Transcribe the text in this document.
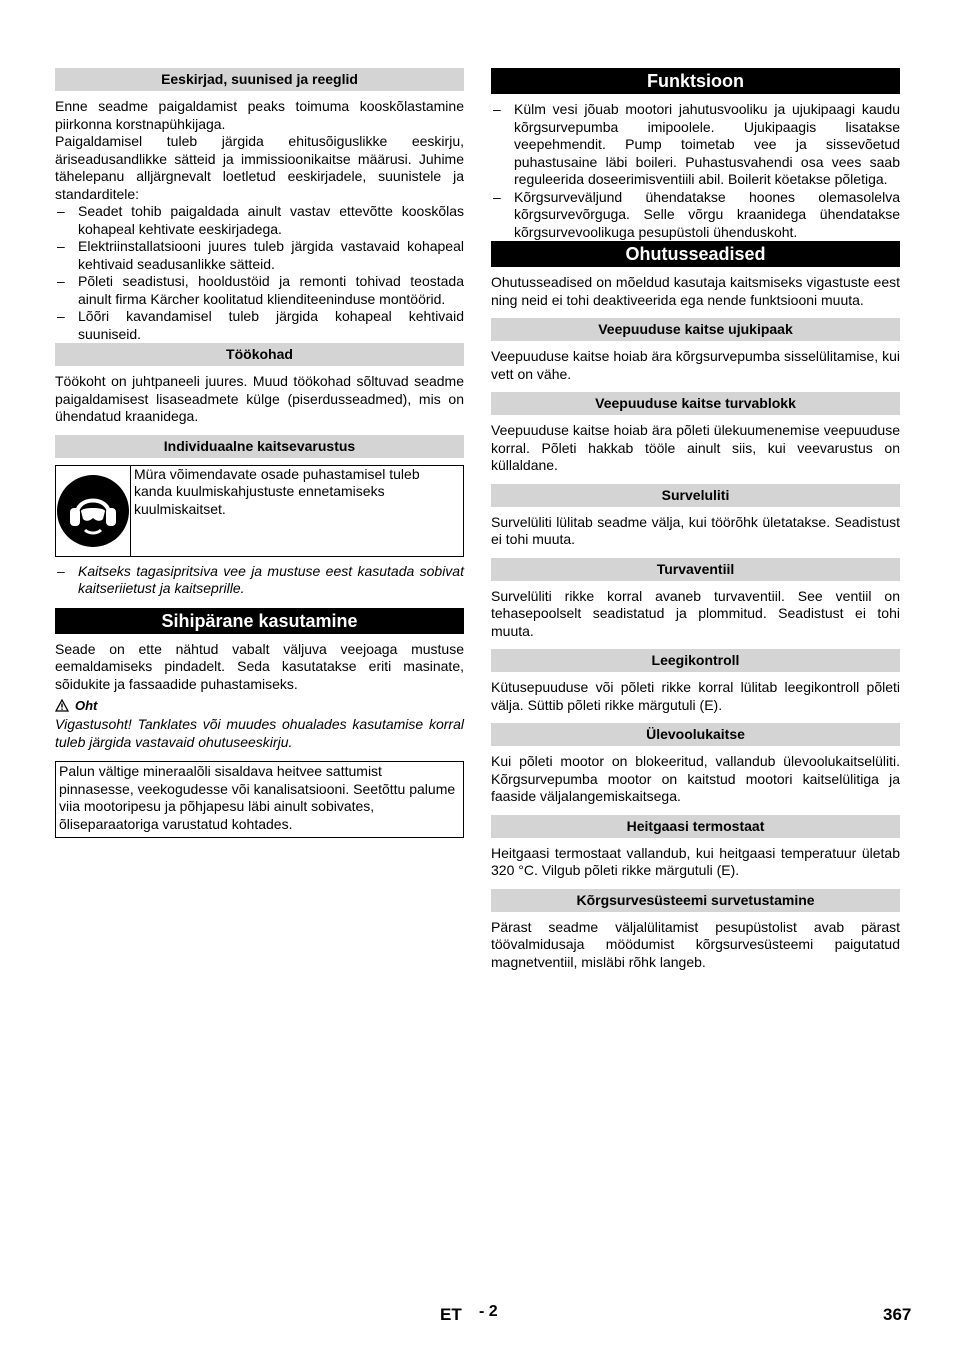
Eeskirjad, suunised ja reeglid

Enne seadme paigaldamist peaks toimuma kooskõlastamine piirkonna korstnapühkijaga.

Paigaldamisel tuleb järgida ehitusõiguslikke eeskirju, äriseadusandlikke sätteid ja immissioonikaitse määrusi. Juhime tähelepanu alljärgnevalt loetletud eeskirjadele, suunistele ja standarditele:

– Seadet tohib paigaldada ainult vastav ettevõtte kooskõlas kohapeal kehtivate eeskirjadega.
– Elektriinstallatsiooni juures tuleb järgida vastavaid kohapeal kehtivaid seadusanlikke sätteid.
– Põleti seadistusi, hooldustöid ja remonti tohivad teostada ainult firma Kärcher koolitatud klienditeeninduse montöörid.
– Lõõri kavandamisel tuleb järgida kohapeal kehtivaid suuniseid.
Töökohad

Töökoht on juhtpaneeli juures. Muud töökohad sõltuvad seadme paigaldamisest lisaseadmete külge (piserdusseadmed), mis on ühendatud kraanidega.

Individuaalne kaitsevarustus
Müra võimendavate osade puhastamisel tuleb kanda kuulmiskahjustuste ennetamiseks kuulmiskaitset.
– Kaitseks tagasipritsiva vee ja mustuse eest kasutada sobivat kaitseriietust ja kaitseprille.
Sihipärane kasutamine

Seade on ette nähtud vabalt väljuva veejoaga mustuse eemaldamiseks pindadelt. Seda kasutatakse eriti masinate, sõidukite ja fassaadide puhastamiseks.

Oht

Vigastusoht! Tanklates või muudes ohualades kasutamise korral tuleb järgida vastavaid ohutuseeskirju.

Palun vältige mineraalõli sisaldava heitvee sattumist pinnasesse, veekogudesse või kanalisatsiooni. Seetõttu palume viia mootoripesu ja põhjapesu läbi ainult sobivates, õliseparaatoriga varustatud kohtades.
Funktsioon
– Külm vesi jõuab mootori jahutusvooliku ja ujukipaagi kaudu kõrgsurvepumba imipoolele. Ujukipaagis lisatakse veepehmendit. Pump toimetab vee ja sissevõetud puhastusaine läbi boileri. Puhastusvahendi osa vees saab reguleerida doseerimisventiili abil. Boilerit köetakse põletiga.
– Kõrgsurveväljund ühendatakse hoones olemasolelva kõrgsurvevõrguga. Selle võrgu kraanidega ühendatakse kõrgsurvevoolikuga pesupüstoli ühenduskoht.
Ohutusseadised

Ohutusseadised on mõeldud kasutaja kaitsmiseks vigastuste eest ning neid ei tohi deaktiveerida ega nende funktsiooni muuta.

Veepuuduse kaitse ujukipaak

Veepuuduse kaitse hoiab ära kõrgsurvepumba sisselülitamise, kui vett on vähe.

Veepuuduse kaitse turvablokk

Veepuuduse kaitse hoiab ära põleti ülekuumenemise veepuuduse korral. Põleti hakkab tööle ainult siis, kui veevarustus on küllaldane.

Surveluliti

Survelüliti lülitab seadme välja, kui töörõhk ületatakse. Seadistust ei tohi muuta.

Turvaventiil

Survelüliti rikke korral avaneb turvaventiil. See ventiil on tehasepoolselt seadistatud ja plommitud. Seadistust ei tohi muuta.

Leegikontroll

Kütusepuuduse või põleti rikke korral lülitab leegikontroll põleti välja. Süttib põleti rikke märgutuli (E).

Ülevoolukaitse

Kui põleti mootor on blokeeritud, vallandub ülevoolukaitselüliti. Kõrgsurvepumba mootor on kaitstud mootori kaitselülitiga ja faaside väljalangemiskaitsega.

Heitgaasi termostaat

Heitgaasi termostaat vallandub, kui heitgaasi temperatuur ületab 320 °C. Vilgub põleti rikke märgutuli (E).

Kõrgsurvesüsteemi survetustamine

Pärast seadme väljalülitamist pesupüstolist avab pärast töövalmidusaja möödumist kõrgsurvesüsteemi paigutatud magnetventiil, misläbi rõhk langeb.

ET - 2	367
